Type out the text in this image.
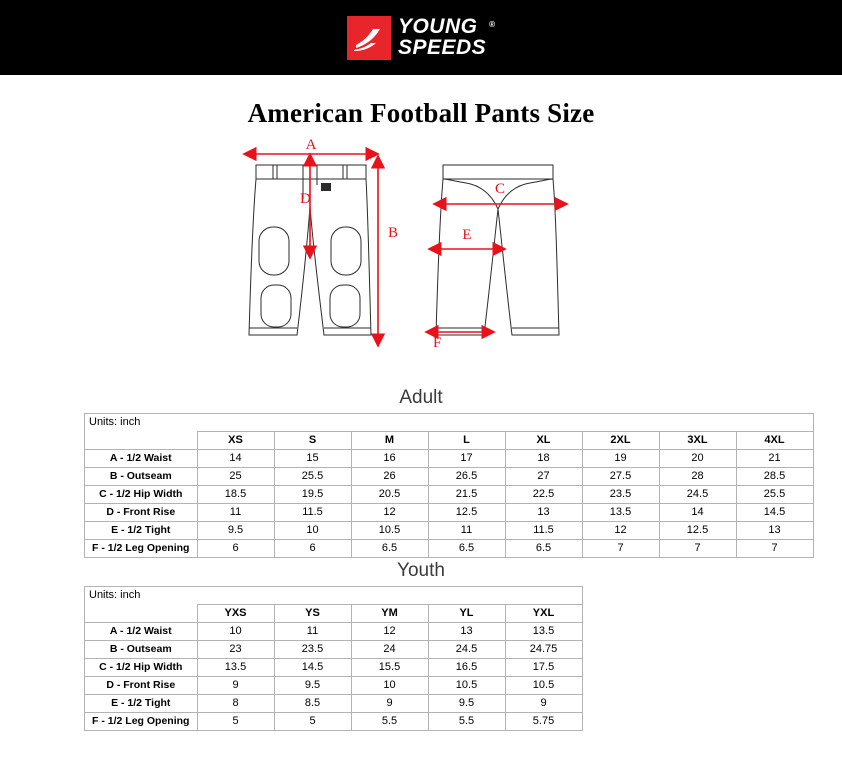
YOUNG
SPEEDS
®
American Football Pants Size
A
B
D
C
E
F
Adult
Units: inch								
	XS	S	M	L	XL	2XL	3XL	4XL
A - 1/2 Waist	14	15	16	17	18	19	20	21
B - Outseam	25	25.5	26	26.5	27	27.5	28	28.5
C - 1/2 Hip Width	18.5	19.5	20.5	21.5	22.5	23.5	24.5	25.5
D - Front Rise	11	11.5	12	12.5	13	13.5	14	14.5
E - 1/2 Tight	9.5	10	10.5	11	11.5	12	12.5	13
F - 1/2 Leg Opening	6	6	6.5	6.5	6.5	7	7	7
Youth
Units: inch					
	YXS	YS	YM	YL	YXL
A - 1/2 Waist	10	11	12	13	13.5
B - Outseam	23	23.5	24	24.5	24.75
C - 1/2 Hip Width	13.5	14.5	15.5	16.5	17.5
D - Front Rise	9	9.5	10	10.5	10.5
E - 1/2 Tight	8	8.5	9	9.5	9
F - 1/2 Leg Opening	5	5	5.5	5.5	5.75
